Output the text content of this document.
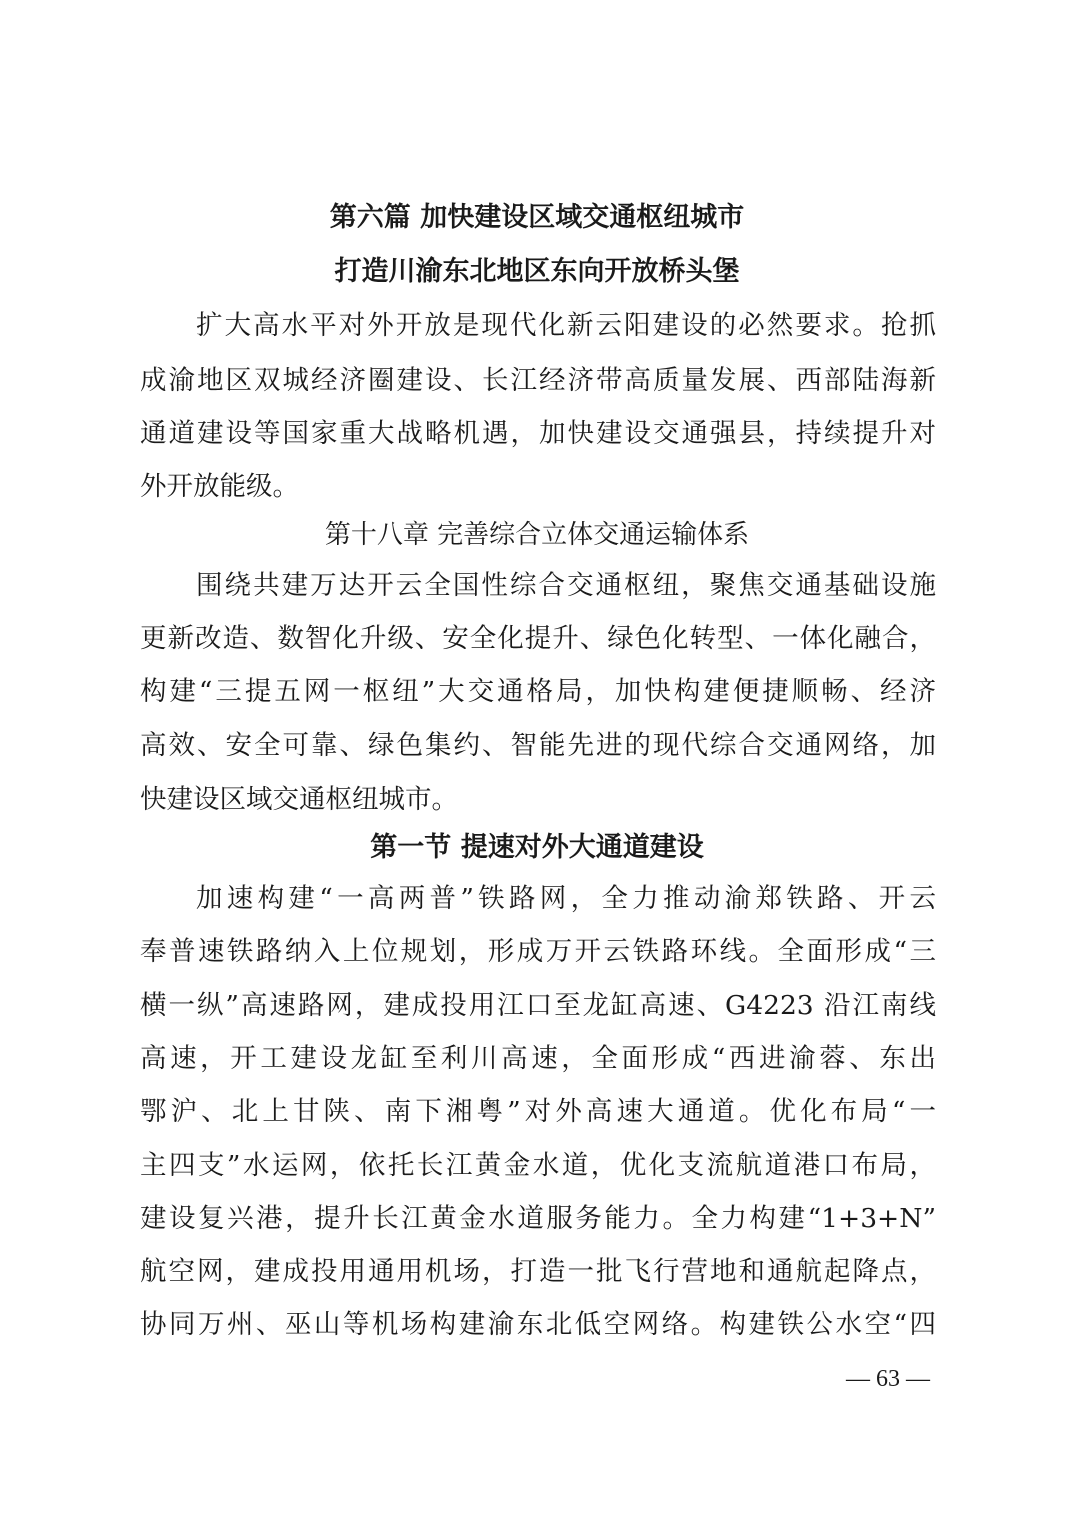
第六篇 加快建设区域交通枢纽城市
打造川渝东北地区东向开放桥头堡
扩大高水平对外开放是现代化新云阳建设的必然要求。抢抓
成渝地区双城经济圈建设、长江经济带高质量发展、西部陆海新
通道建设等国家重大战略机遇，加快建设交通强县，持续提升对
外开放能级。
第十八章 完善综合立体交通运输体系
围绕共建万达开云全国性综合交通枢纽，聚焦交通基础设施
更新改造、数智化升级、安全化提升、绿色化转型、一体化融合，
构建“三提五网一枢纽”大交通格局，加快构建便捷顺畅、经济
高效、安全可靠、绿色集约、智能先进的现代综合交通网络，加
快建设区域交通枢纽城市。
第一节 提速对外大通道建设
加速构建“一高两普”铁路网，全力推动渝郑铁路、开云
奉普速铁路纳入上位规划，形成万开云铁路环线。全面形成“三
横一纵”高速路网，建成投用江口至龙缸高速、G4223 沿江南线
高速，开工建设龙缸至利川高速，全面形成“西进渝蓉、东出
鄂沪、北上甘陕、南下湘粤”对外高速大通道。优化布局“一
主四支”水运网，依托长江黄金水道，优化支流航道港口布局，
建设复兴港，提升长江黄金水道服务能力。全力构建“1+3+N”
航空网，建成投用通用机场，打造一批飞行营地和通航起降点，
协同万州、巫山等机场构建渝东北低空网络。构建铁公水空“四
— 63 —
